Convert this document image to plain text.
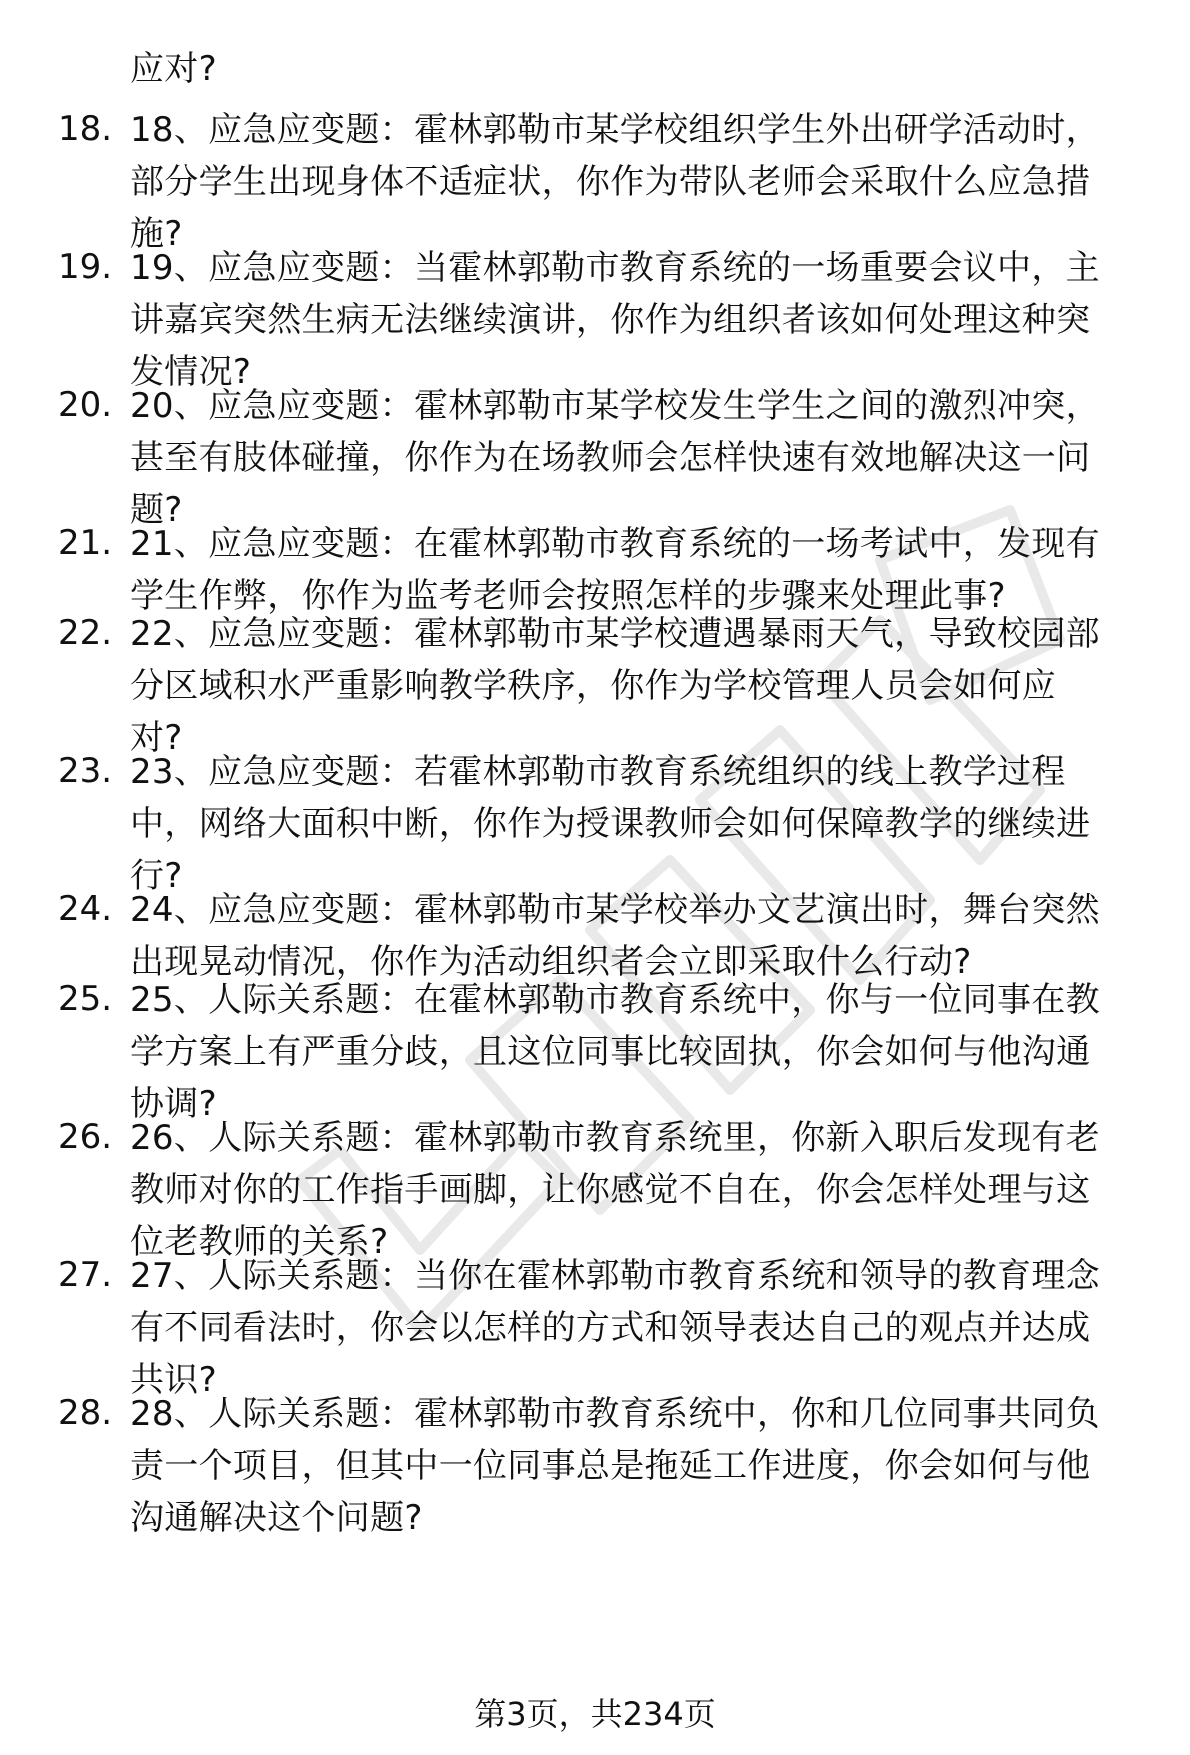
应对?
18. 18、应急应变题：霍林郭勒市某学校组织学生外出研学活动时，
部分学生出现身体不适症状，你作为带队老师会采取什么应急措
施?
19. 19、应急应变题：当霍林郭勒市教育系统的一场重要会议中，主
讲嘉宾突然生病无法继续演讲，你作为组织者该如何处理这种突
发情况?
20. 20、应急应变题：霍林郭勒市某学校发生学生之间的激烈冲突，
甚至有肢体碰撞，你作为在场教师会怎样快速有效地解决这一问
题?
21. 21、应急应变题：在霍林郭勒市教育系统的一场考试中，发现有
学生作弊，你作为监考老师会按照怎样的步骤来处理此事?
22. 22、应急应变题：霍林郭勒市某学校遭遇暴雨天气，导致校园部
分区域积水严重影响教学秩序，你作为学校管理人员会如何应
对?
23. 23、应急应变题：若霍林郭勒市教育系统组织的线上教学过程
中，网络大面积中断，你作为授课教师会如何保障教学的继续进
行?
24. 24、应急应变题：霍林郭勒市某学校举办文艺演出时，舞台突然
出现晃动情况，你作为活动组织者会立即采取什么行动?
25. 25、人际关系题：在霍林郭勒市教育系统中，你与一位同事在教
学方案上有严重分歧，且这位同事比较固执，你会如何与他沟通
协调?
26. 26、人际关系题：霍林郭勒市教育系统里，你新入职后发现有老
教师对你的工作指手画脚，让你感觉不自在，你会怎样处理与这
位老教师的关系?
27. 27、人际关系题：当你在霍林郭勒市教育系统和领导的教育理念
有不同看法时，你会以怎样的方式和领导表达自己的观点并达成
共识?
28. 28、人际关系题：霍林郭勒市教育系统中，你和几位同事共同负
责一个项目，但其中一位同事总是拖延工作进度，你会如何与他
沟通解决这个问题?
第3页，共234页
